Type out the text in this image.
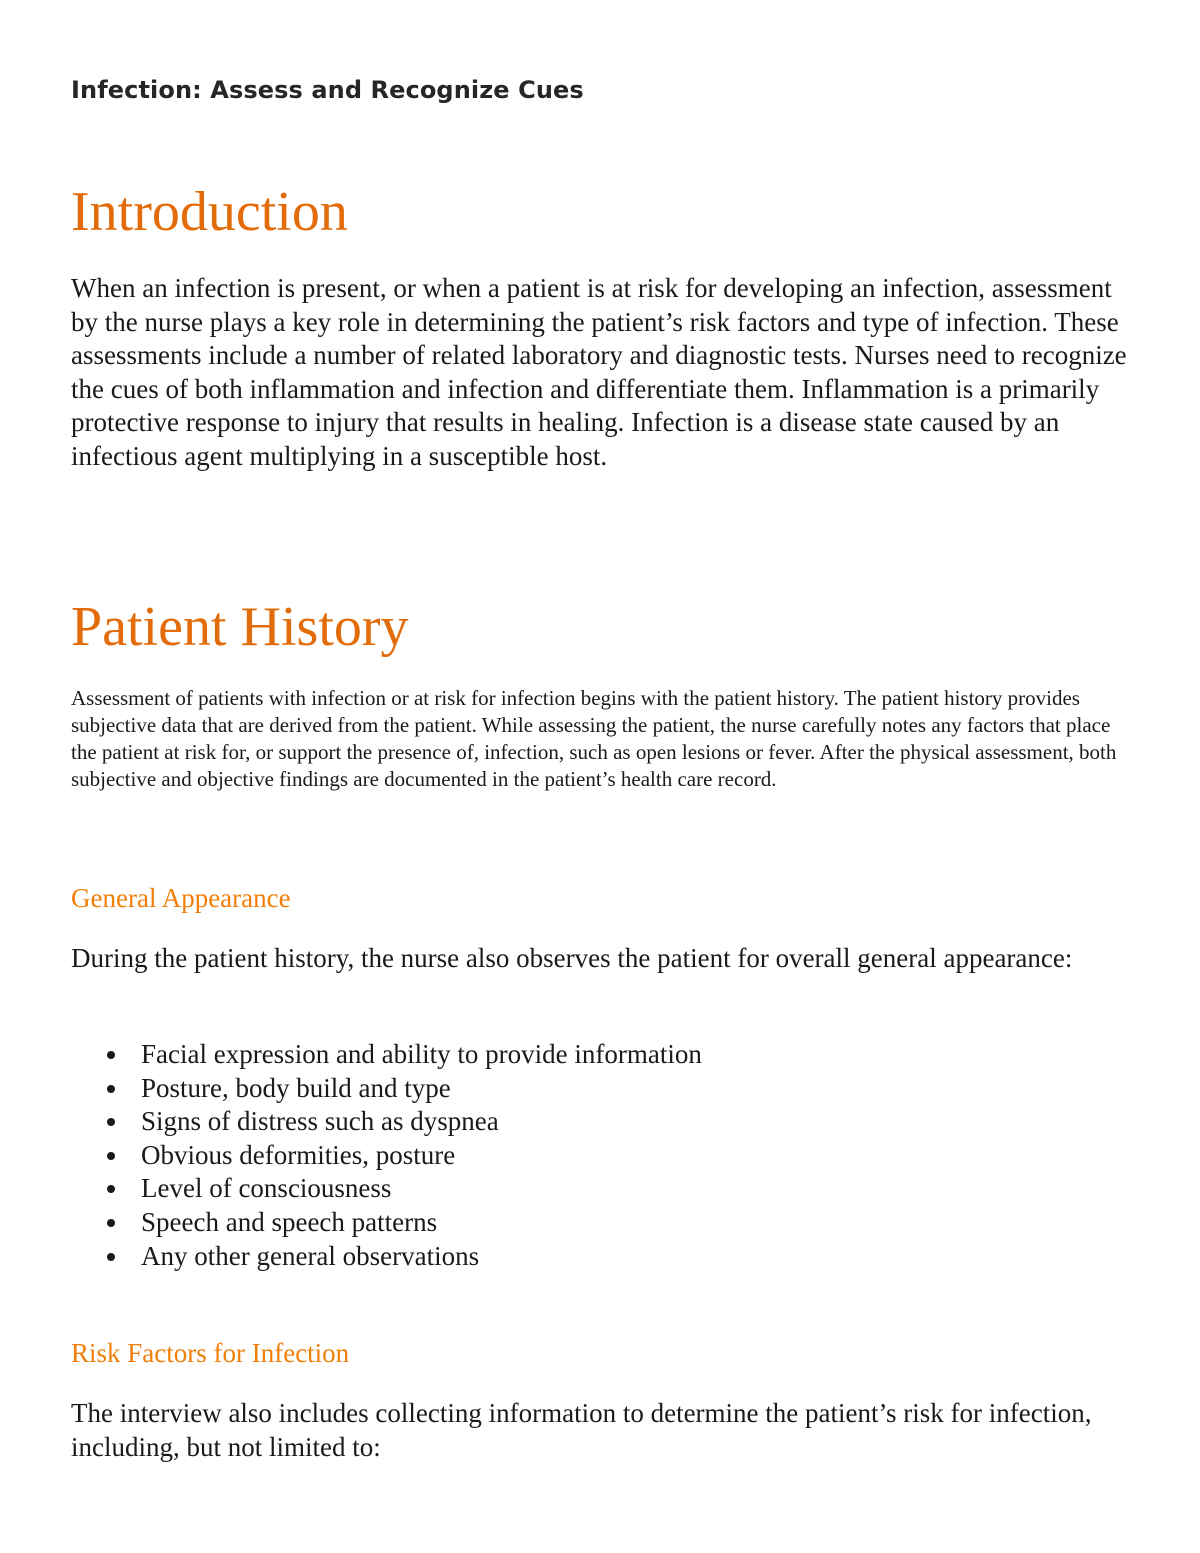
Infection: Assess and Recognize Cues
Introduction

When an infection is present, or when a patient is at risk for developing an infection, assessment by the nurse plays a key role in determining the patient’s risk factors and type of infection. These assessments include a number of related laboratory and diagnostic tests. Nurses need to recognize the cues of both inflammation and infection and differentiate them. Inflammation is a primarily protective response to injury that results in healing. Infection is a disease state caused by an infectious agent multiplying in a susceptible host.

Patient History

Assessment of patients with infection or at risk for infection begins with the patient history. The patient history provides subjective data that are derived from the patient. While assessing the patient, the nurse carefully notes any factors that place the patient at risk for, or support the presence of, infection, such as open lesions or fever. After the physical assessment, both subjective and objective findings are documented in the patient’s health care record.

General Appearance

During the patient history, the nurse also observes the patient for overall general appearance:

Facial expression and ability to provide information
Posture, body build and type
Signs of distress such as dyspnea
Obvious deformities, posture
Level of consciousness
Speech and speech patterns
Any other general observations
Risk Factors for Infection

The interview also includes collecting information to determine the patient’s risk for infection, including, but not limited to:
